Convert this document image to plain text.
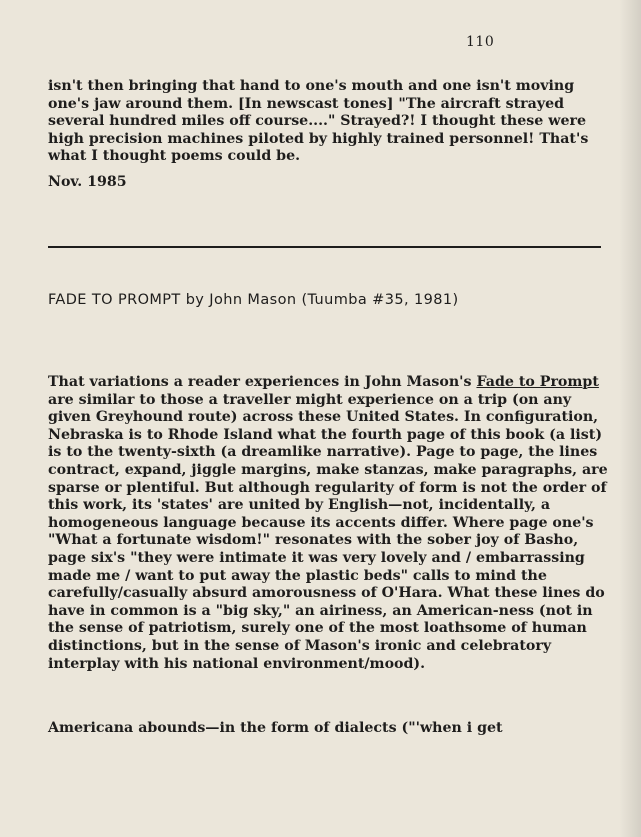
110

isn't then bringing that hand to one's mouth and one isn't moving one's jaw around them. [In newscast tones] "The aircraft strayed several hundred miles off course...." Strayed?! I thought these were high precision machines piloted by highly trained personnel! That's what I thought poems could be.

Nov. 1985
FADE TO PROMPT by John Mason (Tuumba #35, 1981)

That variations a reader experiences in John Mason's Fade to Prompt are similar to those a traveller might experience on a trip (on any given Greyhound route) across these United States. In configuration, Nebraska is to Rhode Island what the fourth page of this book (a list) is to the twenty-sixth (a dreamlike narrative). Page to page, the lines contract, expand, jiggle margins, make stanzas, make paragraphs, are sparse or plentiful. But although regularity of form is not the order of this work, its 'states' are united by English—not, incidentally, a homogeneous language because its accents differ. Where page one's "What a fortunate wisdom!" resonates with the sober joy of Basho, page six's "they were intimate it was very lovely and / embarrassing made me / want to put away the plastic beds" calls to mind the carefully/casually absurd amorousness of O'Hara. What these lines do have in common is a "big sky," an airiness, an American-ness (not in the sense of patriotism, surely one of the most loathsome of human distinctions, but in the sense of Mason's ironic and celebratory interplay with his national environment/mood).

Americana abounds—in the form of dialects ("'when i get
